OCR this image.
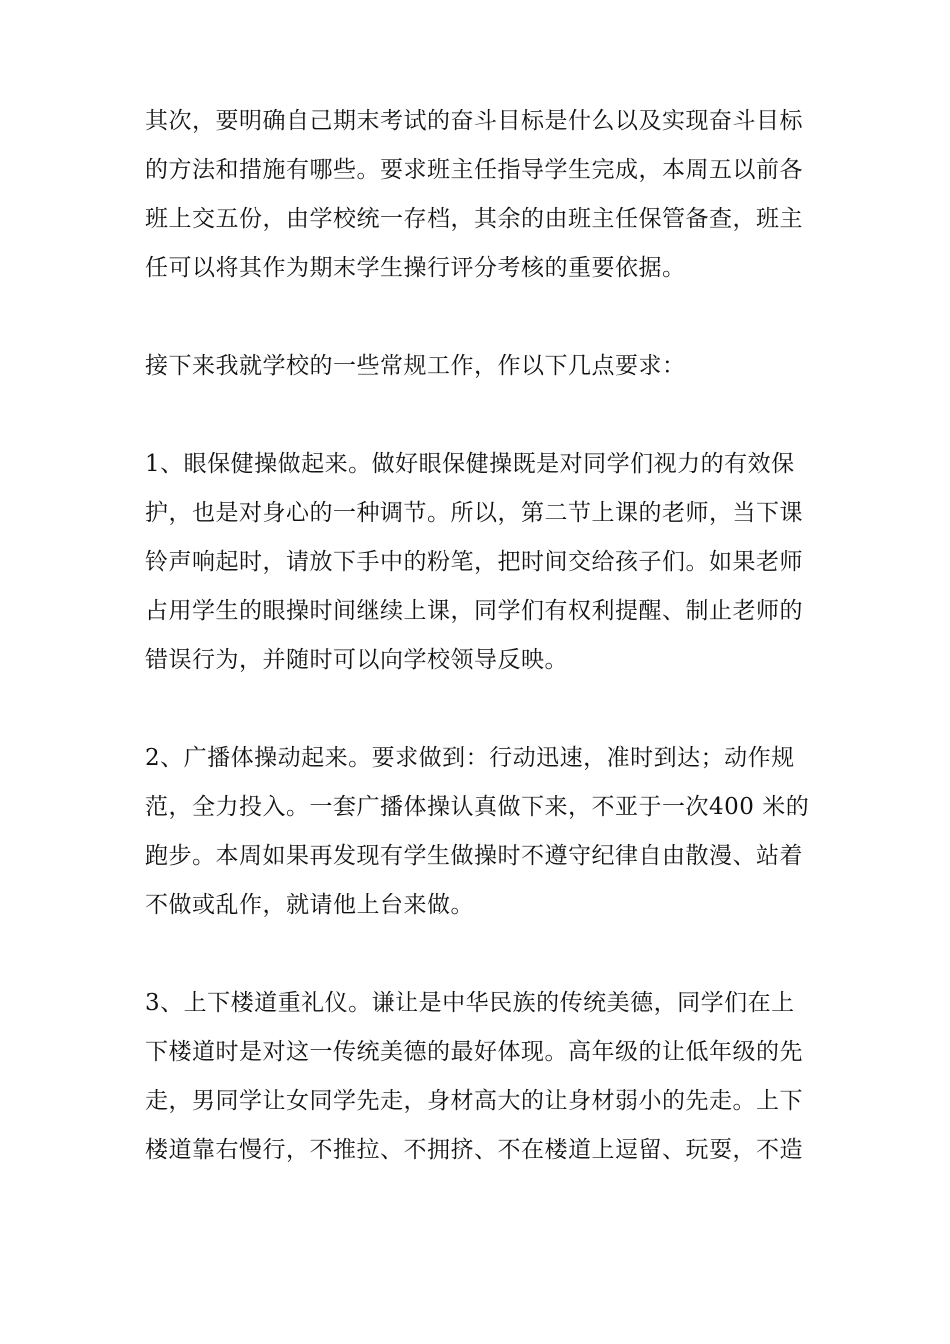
其次，要明确自己期末考试的奋斗目标是什么以及实现奋斗目标
的方法和措施有哪些。要求班主任指导学生完成，本周五以前各
班上交五份，由学校统一存档，其余的由班主任保管备查，班主
任可以将其作为期末学生操行评分考核的重要依据。

接下来我就学校的一些常规工作，作以下几点要求：

1、眼保健操做起来。做好眼保健操既是对同学们视力的有效保
护，也是对身心的一种调节。所以，第二节上课的老师，当下课
铃声响起时，请放下手中的粉笔，把时间交给孩子们。如果老师
占用学生的眼操时间继续上课，同学们有权利提醒、制止老师的
错误行为，并随时可以向学校领导反映。

2、广播体操动起来。要求做到：行动迅速，准时到达；动作规
范，全力投入。一套广播体操认真做下来，不亚于一次400 米的
跑步。本周如果再发现有学生做操时不遵守纪律自由散漫、站着
不做或乱作，就请他上台来做。

3、上下楼道重礼仪。谦让是中华民族的传统美德，同学们在上
下楼道时是对这一传统美德的最好体现。高年级的让低年级的先
走，男同学让女同学先走，身材高大的让身材弱小的先走。上下
楼道靠右慢行，不推拉、不拥挤、不在楼道上逗留、玩耍，不造
